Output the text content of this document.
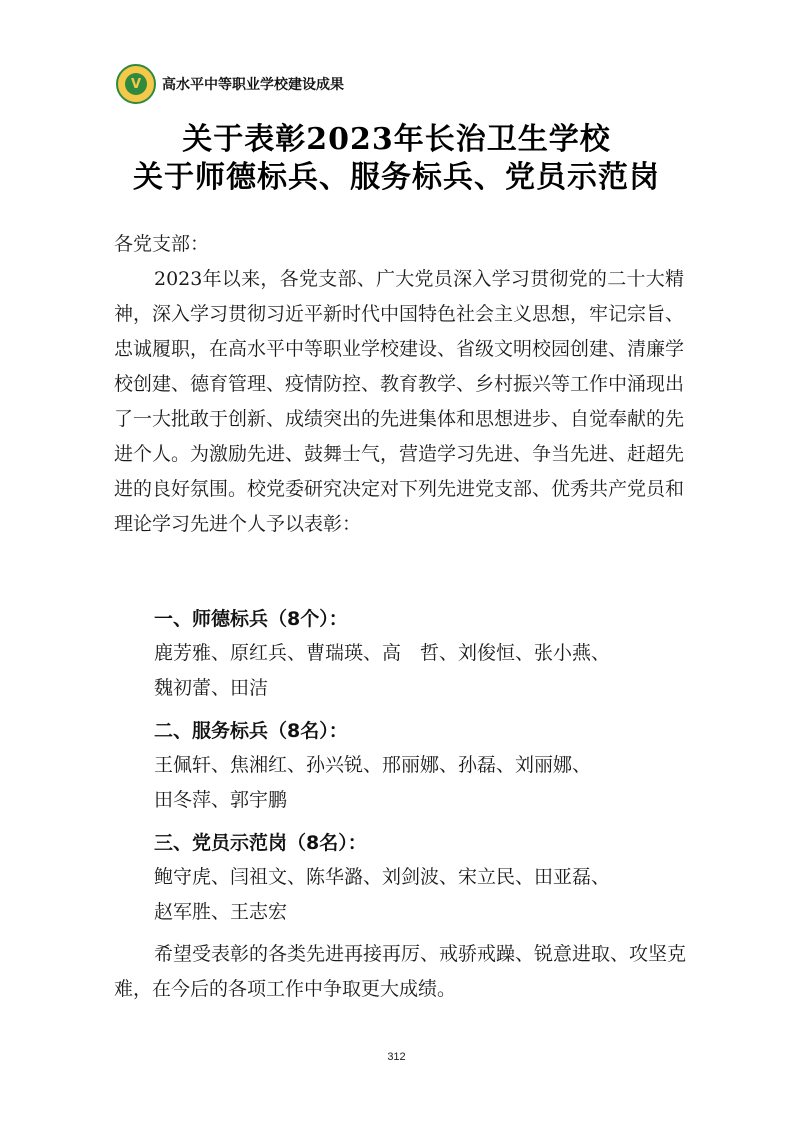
V 高水平中等职业学校建设成果
关于表彰2023年长治卫生学校
关于师德标兵、服务标兵、党员示范岗
各党支部：
2023年以来，各党支部、广大党员深入学习贯彻党的二十大精神，深入学习贯彻习近平新时代中国特色社会主义思想，牢记宗旨、忠诚履职，在高水平中等职业学校建设、省级文明校园创建、清廉学校创建、德育管理、疫情防控、教育教学、乡村振兴等工作中涌现出了一大批敢于创新、成绩突出的先进集体和思想进步、自觉奉献的先进个人。为激励先进、鼓舞士气，营造学习先进、争当先进、赶超先进的良好氛围。校党委研究决定对下列先进党支部、优秀共产党员和理论学习先进个人予以表彰：
一、师德标兵（8个）：
鹿芳雅、原红兵、曹瑞瑛、高　哲、刘俊恒、张小燕、
魏初蕾、田洁
二、服务标兵（8名）：
王佩轩、焦湘红、孙兴锐、邢丽娜、孙磊、刘丽娜、
田冬萍、郭宇鹏
三、党员示范岗（8名）：
鲍守虎、闫祖文、陈华潞、刘剑波、宋立民、田亚磊、
赵军胜、王志宏
希望受表彰的各类先进再接再厉、戒骄戒躁、锐意进取、攻坚克难，在今后的各项工作中争取更大成绩。
312
